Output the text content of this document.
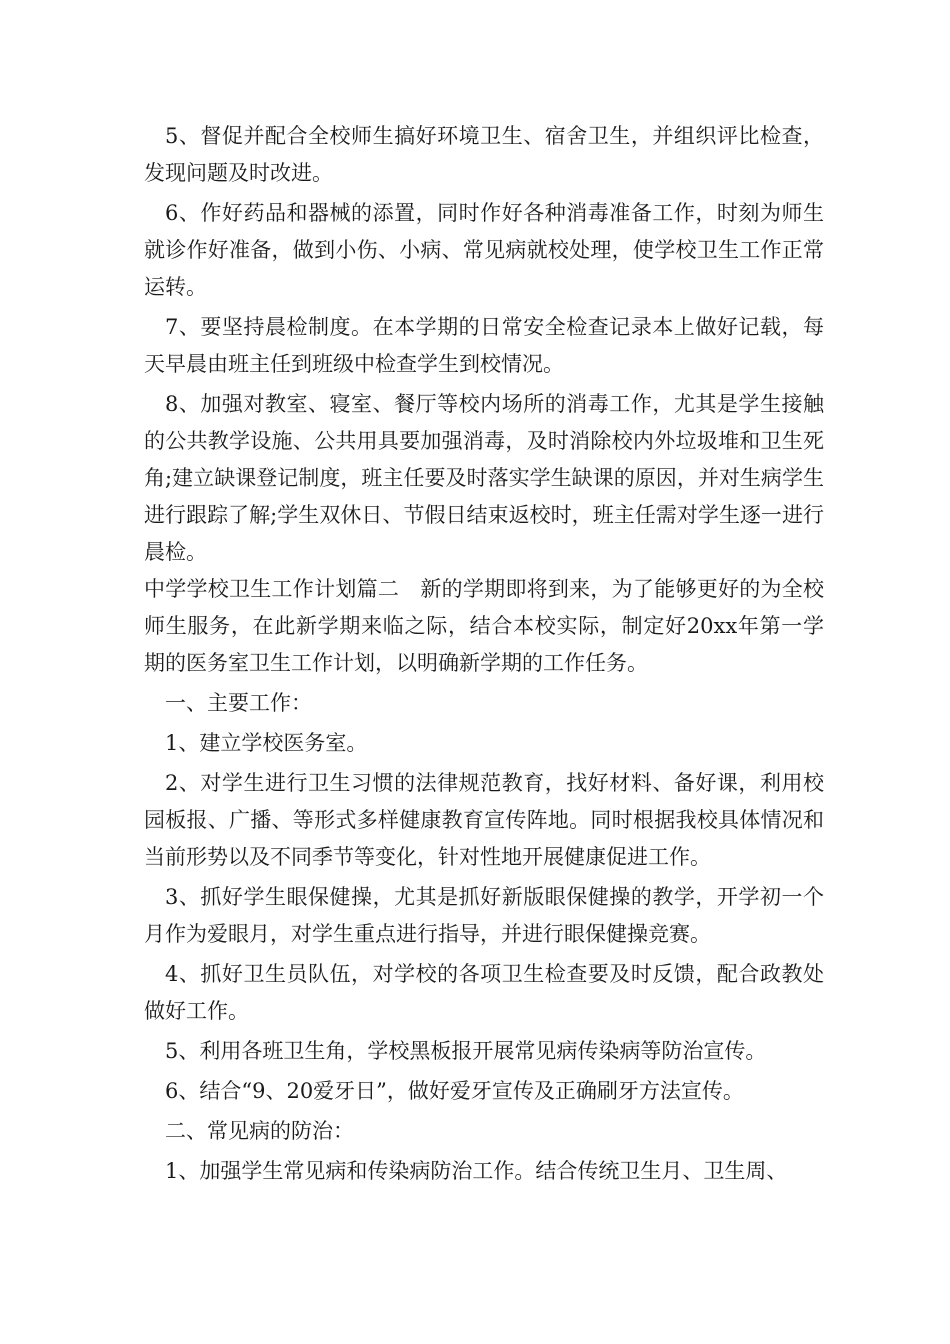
5、督促并配合全校师生搞好环境卫生、宿舍卫生，并组织评比检查，发现问题及时改进。

6、作好药品和器械的添置，同时作好各种消毒准备工作，时刻为师生就诊作好准备，做到小伤、小病、常见病就校处理，使学校卫生工作正常运转。

7、要坚持晨检制度。在本学期的日常安全检查记录本上做好记载，每天早晨由班主任到班级中检查学生到校情况。

8、加强对教室、寝室、餐厅等校内场所的消毒工作，尤其是学生接触的公共教学设施、公共用具要加强消毒，及时消除校内外垃圾堆和卫生死角;建立缺课登记制度，班主任要及时落实学生缺课的原因，并对生病学生进行跟踪了解;学生双休日、节假日结束返校时，班主任需对学生逐一进行晨检。

中学学校卫生工作计划篇二　新的学期即将到来，为了能够更好的为全校师生服务，在此新学期来临之际，结合本校实际，制定好20xx年第一学期的医务室卫生工作计划，以明确新学期的工作任务。

一、主要工作：

1、建立学校医务室。

2、对学生进行卫生习惯的法律规范教育，找好材料、备好课，利用校园板报、广播、等形式多样健康教育宣传阵地。同时根据我校具体情况和当前形势以及不同季节等变化，针对性地开展健康促进工作。

3、抓好学生眼保健操，尤其是抓好新版眼保健操的教学，开学初一个月作为爱眼月，对学生重点进行指导，并进行眼保健操竞赛。

4、抓好卫生员队伍，对学校的各项卫生检查要及时反馈，配合政教处做好工作。

5、利用各班卫生角，学校黑板报开展常见病传染病等防治宣传。

6、结合“9、20爱牙日”，做好爱牙宣传及正确刷牙方法宣传。

二、常见病的防治：

1、加强学生常见病和传染病防治工作。结合传统卫生月、卫生周、
